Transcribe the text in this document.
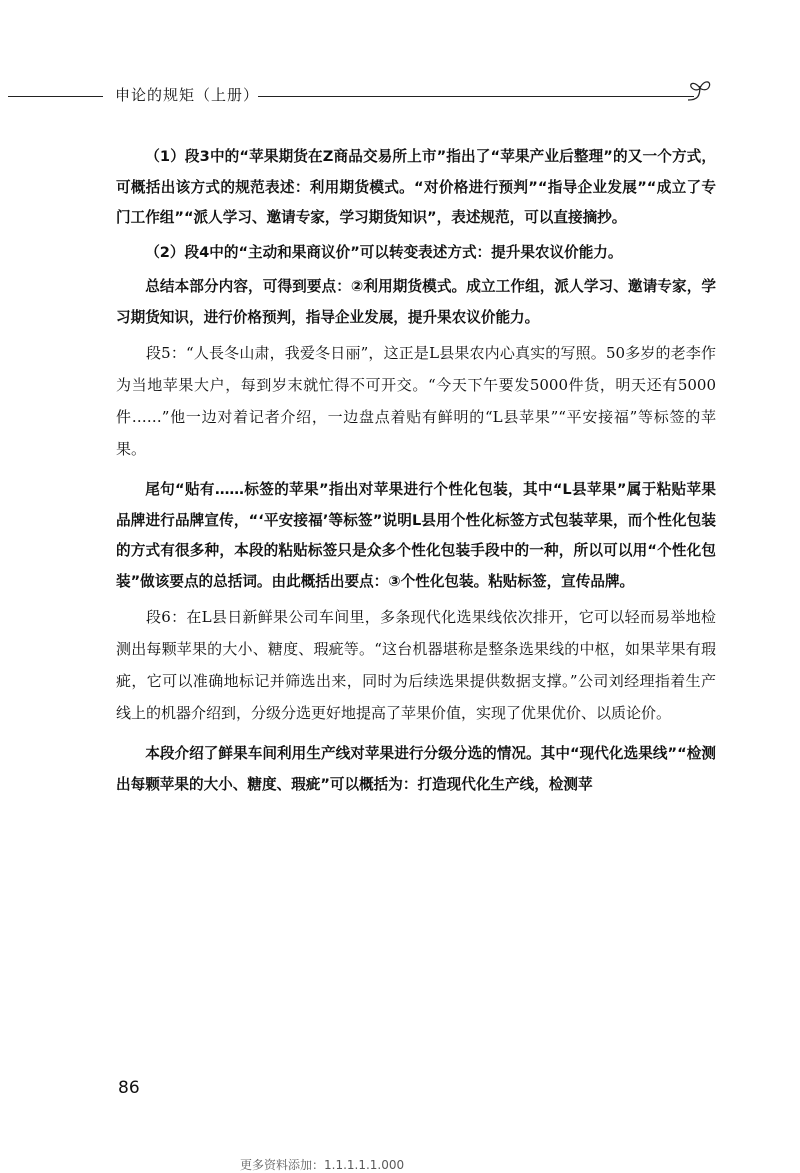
申论的规矩（上册）

（1）段3中的“苹果期货在Z商品交易所上市”指出了“苹果产业后整理”的又一个方式，可概括出该方式的规范表述：利用期货模式。“对价格进行预判”“指导企业发展”“成立了专门工作组”“派人学习、邀请专家，学习期货知识”，表述规范，可以直接摘抄。

（2）段4中的“主动和果商议价”可以转变表述方式：提升果农议价能力。

总结本部分内容，可得到要点：②利用期货模式。成立工作组，派人学习、邀请专家，学习期货知识，进行价格预判，指导企业发展，提升果农议价能力。

段5：“人長冬山肃，我爱冬日丽”，这正是L县果农内心真实的写照。50多岁的老李作为当地苹果大户，每到岁末就忙得不可开交。“今天下午要发5000件货，明天还有5000件……”他一边对着记者介绍，一边盘点着贴有鲜明的“L县苹果”“平安接福”等标签的苹果。

尾句“贴有……标签的苹果”指出对苹果进行个性化包装，其中“L县苹果”属于粘贴苹果品牌进行品牌宣传，“‘平安接福’等标签”说明L县用个性化标签方式包装苹果，而个性化包装的方式有很多种，本段的粘贴标签只是众多个性化包装手段中的一种，所以可以用“个性化包装”做该要点的总括词。由此概括出要点：③个性化包装。粘贴标签，宣传品牌。

段6：在L县日新鲜果公司车间里，多条现代化选果线依次排开，它可以轻而易举地检测出每颗苹果的大小、糖度、瑕疵等。“这台机器堪称是整条选果线的中枢，如果苹果有瑕疵，它可以准确地标记并筛选出来，同时为后续选果提供数据支撑。”公司刘经理指着生产线上的机器介绍到，分级分选更好地提高了苹果价值，实现了优果优价、以质论价。

本段介绍了鲜果车间利用生产线对苹果进行分级分选的情况。其中“现代化选果线”“检测出每颗苹果的大小、糖度、瑕疵”可以概括为：打造现代化生产线，检测苹

86
更多资料添加：1.1.1.1.1.000
